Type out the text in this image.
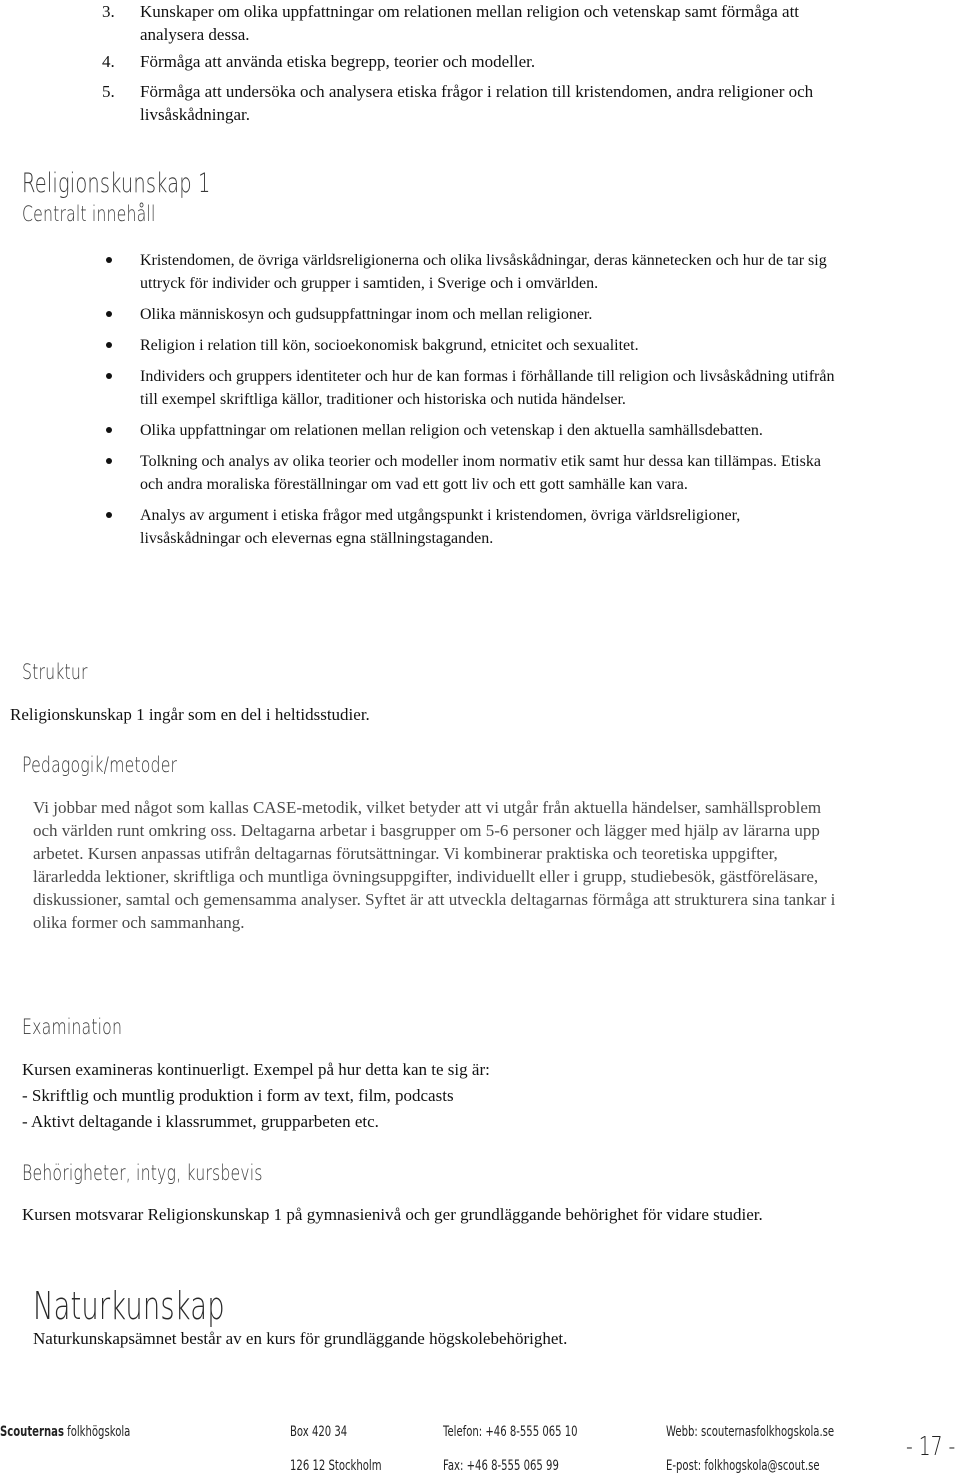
3. Kunskaper om olika uppfattningar om relationen mellan religion och vetenskap samt förmåga att analysera dessa.
4. Förmåga att använda etiska begrepp, teorier och modeller.
5. Förmåga att undersöka och analysera etiska frågor i relation till kristendomen, andra religioner och livsåskådningar.
Religionskunskap 1
Centralt innehåll
Kristendomen, de övriga världsreligionerna och olika livsåskådningar, deras kännetecken och hur de tar sig uttryck för individer och grupper i samtiden, i Sverige och i omvärlden.
Olika människosyn och gudsuppfattningar inom och mellan religioner.
Religion i relation till kön, socioekonomisk bakgrund, etnicitet och sexualitet.
Individers och gruppers identiteter och hur de kan formas i förhållande till religion och livsåskådning utifrån till exempel skriftliga källor, traditioner och historiska och nutida händelser.
Olika uppfattningar om relationen mellan religion och vetenskap i den aktuella samhällsdebatten.
Tolkning och analys av olika teorier och modeller inom normativ etik samt hur dessa kan tillämpas. Etiska och andra moraliska föreställningar om vad ett gott liv och ett gott samhälle kan vara.
Analys av argument i etiska frågor med utgångspunkt i kristendomen, övriga världsreligioner, livsåskådningar och elevernas egna ställningstaganden.
Struktur
Religionskunskap 1 ingår som en del i heltidsstudier.
Pedagogik/metoder
Vi jobbar med något som kallas CASE-metodik, vilket betyder att vi utgår från aktuella händelser, samhällsproblem och världen runt omkring oss. Deltagarna arbetar i basgrupper om 5-6 personer och lägger med hjälp av lärarna upp arbetet. Kursen anpassas utifrån deltagarnas förutsättningar. Vi kombinerar praktiska och teoretiska uppgifter, lärarledda lektioner, skriftliga och muntliga övningsuppgifter, individuellt eller i grupp, studiebesök, gästföreläsare, diskussioner, samtal och gemensamma analyser. Syftet är att utveckla deltagarnas förmåga att strukturera sina tankar i olika former och sammanhang.
Examination
Kursen examineras kontinuerligt. Exempel på hur detta kan te sig är:
- Skriftlig och muntlig produktion i form av text, film, podcasts
- Aktivt deltagande i klassrummet, grupparbeten etc.
Behörigheter, intyg, kursbevis
Kursen motsvarar Religionskunskap 1 på gymnasienivå och ger grundläggande behörighet för vidare studier.
Naturkunskap
Naturkunskapsämnet består av en kurs för grundläggande högskolebehörighet.
Scouternas folkhögskola	Box 420 34
126 12 Stockholm
Telefon: +46 8-555 065 10
Fax: +46 8-555 065 99
Webb: scouternasfolkhogskola.se
E-post: folkhogskola@scout.se
- 17 -
